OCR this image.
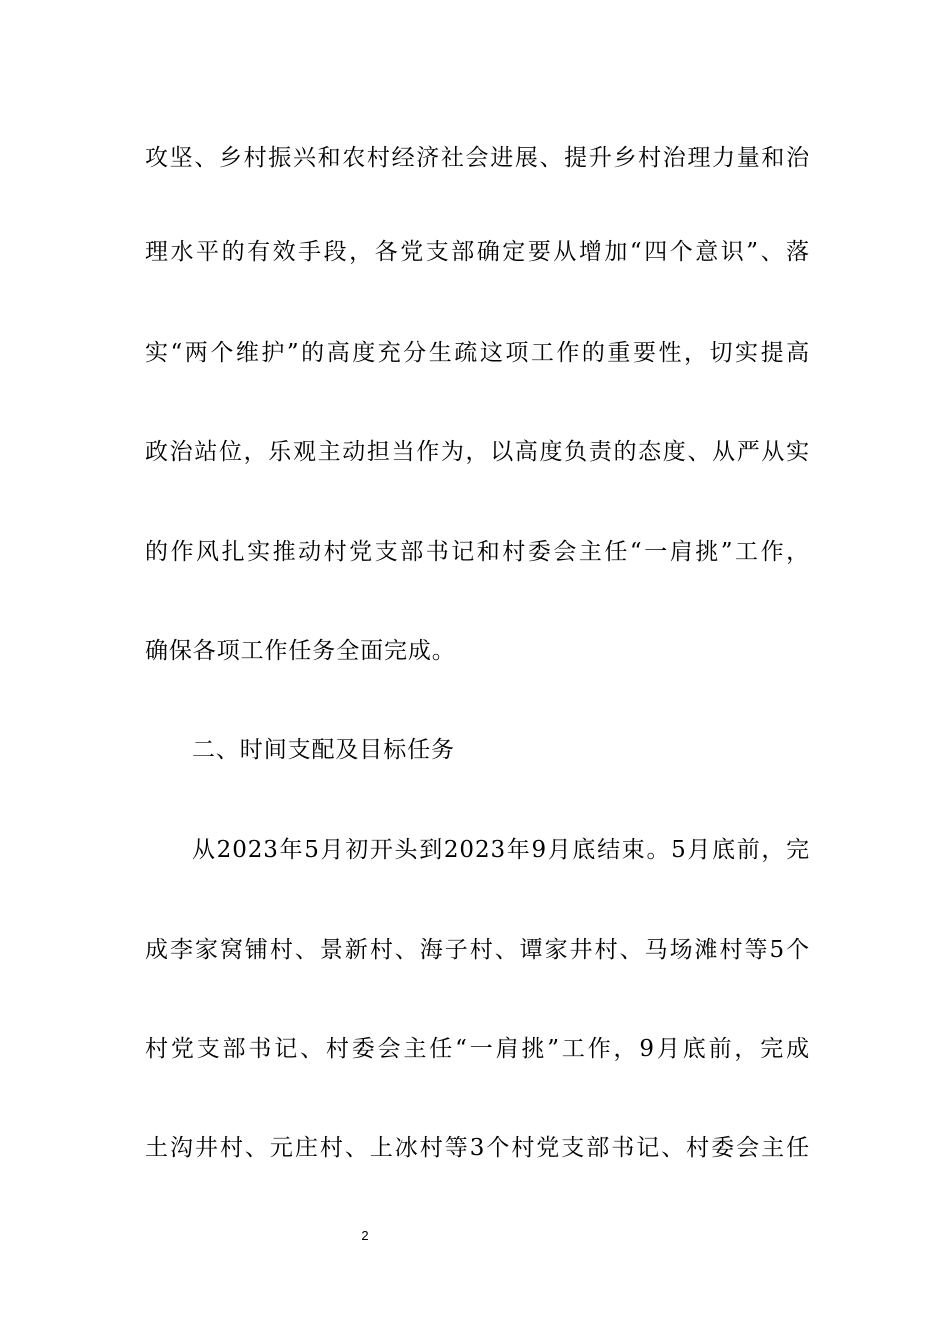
攻坚、乡村振兴和农村经济社会进展、提升乡村治理力量和治
理水平的有效手段，各党支部确定要从增加“四个意识”、落
实“两个维护”的高度充分生疏这项工作的重要性，切实提高
政治站位，乐观主动担当作为，以高度负责的态度、从严从实
的作风扎实推动村党支部书记和村委会主任“一肩挑”工作，
确保各项工作任务全面完成。
二、时间支配及目标任务
从2023年5月初开头到2023年9月底结束。5月底前，完
成李家窝铺村、景新村、海子村、谭家井村、马场滩村等5个
村党支部书记、村委会主任“一肩挑”工作，9月底前，完成
土沟井村、元庄村、上冰村等3个村党支部书记、村委会主任
2
